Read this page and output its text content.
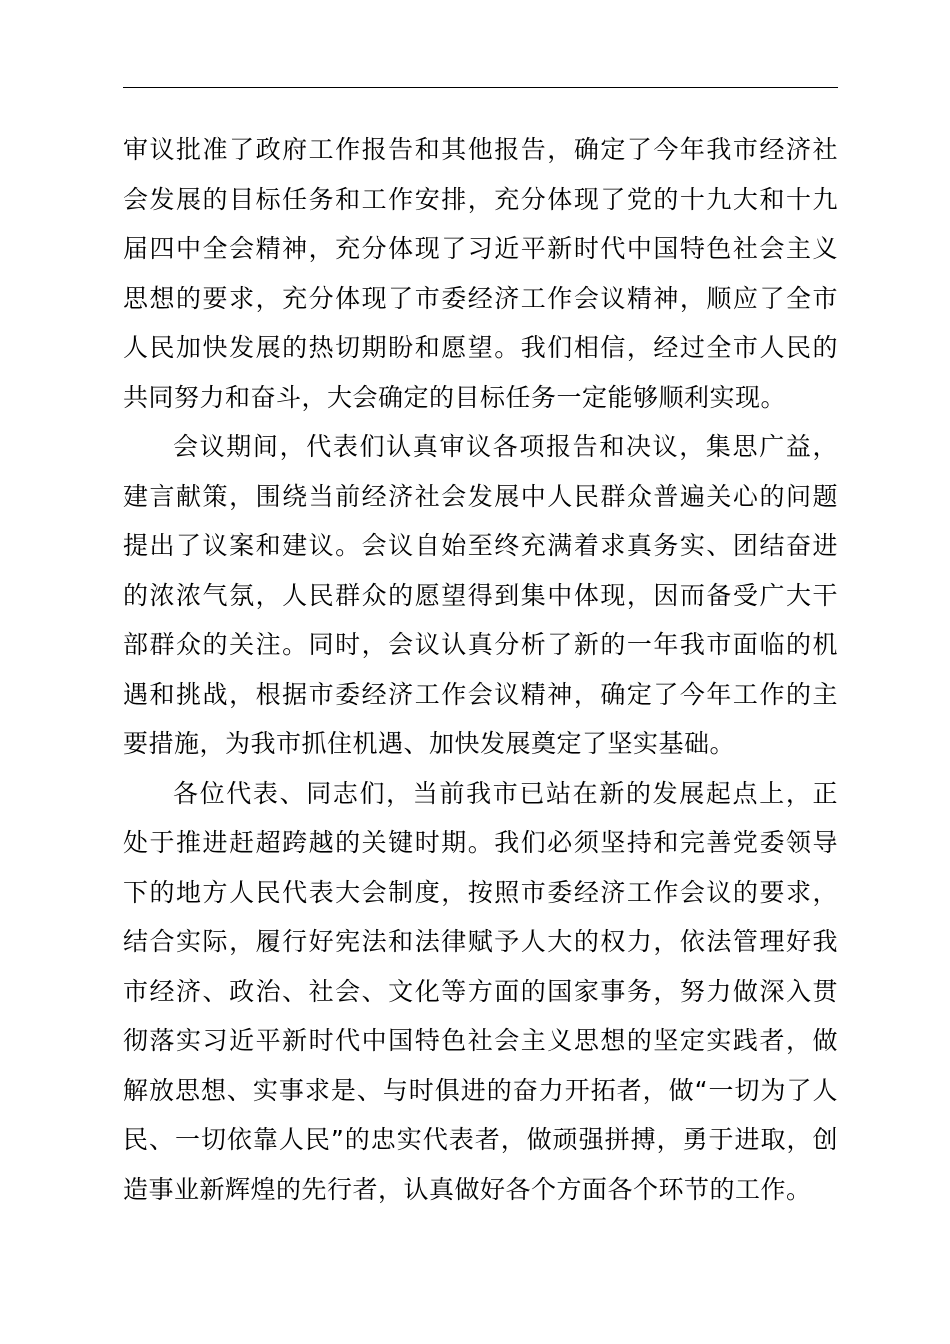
审议批准了政府工作报告和其他报告，确定了今年我市经济社
会发展的目标任务和工作安排，充分体现了党的十九大和十九
届四中全会精神，充分体现了习近平新时代中国特色社会主义
思想的要求，充分体现了市委经济工作会议精神，顺应了全市
人民加快发展的热切期盼和愿望。我们相信，经过全市人民的
共同努力和奋斗，大会确定的目标任务一定能够顺利实现。
会议期间，代表们认真审议各项报告和决议，集思广益，
建言献策，围绕当前经济社会发展中人民群众普遍关心的问题
提出了议案和建议。会议自始至终充满着求真务实、团结奋进
的浓浓气氛，人民群众的愿望得到集中体现，因而备受广大干
部群众的关注。同时，会议认真分析了新的一年我市面临的机
遇和挑战，根据市委经济工作会议精神，确定了今年工作的主
要措施，为我市抓住机遇、加快发展奠定了坚实基础。
各位代表、同志们，当前我市已站在新的发展起点上，正
处于推进赶超跨越的关键时期。我们必须坚持和完善党委领导
下的地方人民代表大会制度，按照市委经济工作会议的要求，
结合实际，履行好宪法和法律赋予人大的权力，依法管理好我
市经济、政治、社会、文化等方面的国家事务，努力做深入贯
彻落实习近平新时代中国特色社会主义思想的坚定实践者，做
解放思想、实事求是、与时俱进的奋力开拓者，做“一切为了人
民、一切依靠人民”的忠实代表者，做顽强拼搏，勇于进取，创
造事业新辉煌的先行者，认真做好各个方面各个环节的工作。
